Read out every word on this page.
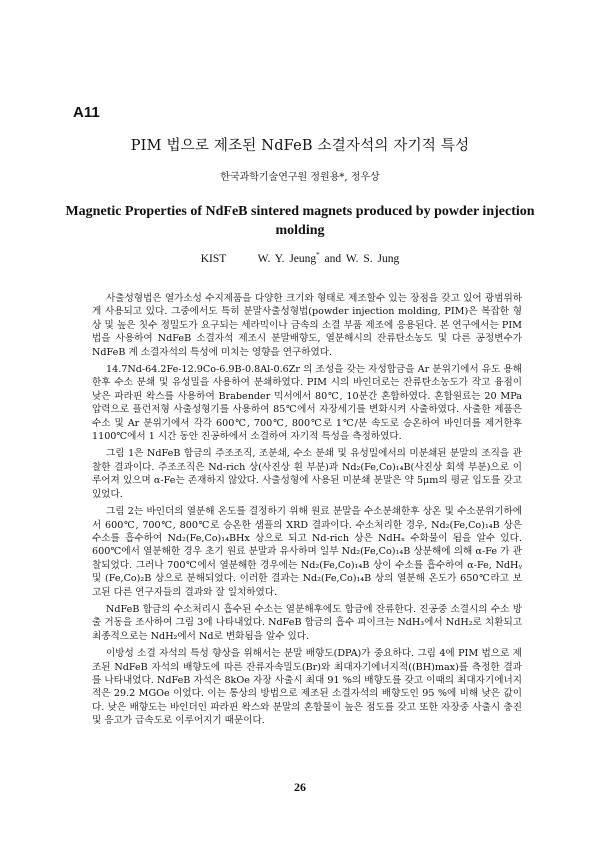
A11
PIM 법으로 제조된 NdFeB 소결자석의 자기적 특성
한국과학기술연구원 정원용*, 정우상
Magnetic Properties of NdFeB sintered magnets produced by powder injection molding
KIST	W. Y. Jeung* and W. S. Jung

사출성형법은 열가소성 수지제품을 다양한 크기와 형태로 제조할수 있는 장점을 갖고 있어 광범위하게 사용되고 있다. 그중에서도 특히 분말사출성형법(powder injection molding, PIM)은 복잡한 형상 및 높은 칫수 정밀도가 요구되는 세라믹이나 금속의 소결 부품 제조에 응용된다. 본 연구에서는 PIM 법을 사용하여 NdFeB 소결자석 제조시 분말배향도, 열분해시의 잔류탄소농도 및 다른 공정변수가 NdFeB 계 소결자석의 특성에 미치는 영향을 연구하였다.

14.7Nd-64.2Fe-12.9Co-6.9B-0.8Al-0.6Zr 의 조성을 갖는 자성합금을 Ar 분위기에서 유도 용해한후 수소 분쇄 및 유성밀을 사용하여 분쇄하였다. PIM 시의 바인더로는 잔류탄소농도가 작고 융점이 낮은 파라핀 왁스를 사용하여 Brabender 믹서에서 80℃, 10분간 혼합하였다. 혼합원료는 20 MPa 압력으로 플런저형 사출성형기를 사용하여 85℃에서 자장세기를 변화시켜 사출하였다. 사출한 제품은 수소 및 Ar 분위기에서 각각 600℃, 700℃, 800℃로 1℃/분 속도로 승온하여 바인더를 제거한후 1100℃에서 1 시간 동안 진공하에서 소결하여 자기적 특성을 측정하였다.

그림 1은 NdFeB 합금의 주조조직, 조분쇄, 수소 분쇄 및 유성밀에서의 미분쇄된 분말의 조직을 관찰한 결과이다. 주조조직은 Nd-rich 상(사진상 흰 부분)과 Nd₂(Fe,Co)₁₄B(사진상 회색 부분)으로 이루어져 있으며 α-Fe는 존재하지 않았다. 사출성형에 사용된 미분쇄 분말은 약 5μm의 평균 입도를 갖고 있었다.

그림 2는 바인더의 열분해 온도를 결정하기 위해 원료 분말을 수소분쇄한후 상온 및 수소분위기하에서 600℃, 700℃, 800℃로 승온한 샘플의 XRD 결과이다. 수소처리한 경우, Nd₂(Fe,Co)₁₄B 상은 수소를 흡수하여 Nd₂(Fe,Co)₁₄BHx 상으로 되고 Nd-rich 상은 NdHₓ 수화물이 됨을 알수 있다. 600℃에서 열분해한 경우 초기 원료 분말과 유사하며 일부 Nd₂(Fe,Co)₁₄B 상분해에 의해 α-Fe 가 관찰되었다. 그러나 700℃에서 열분해한 경우에는 Nd₂(Fe,Co)₁₄B 상이 수소를 흡수하여 α-Fe, NdHᵧ 및 (Fe,Co)₂B 상으로 분해되었다. 이러한 결과는 Nd₂(Fe,Co)₁₄B 상의 열분해 온도가 650℃라고 보고된 다른 연구자들의 결과와 잘 일치하였다.

NdFeB 합금의 수소처리시 흡수된 수소는 열분해후에도 합금에 잔류한다. 진공중 소결시의 수소 방출 거동을 조사하여 그림 3에 나타내었다. NdFeB 합금의 흡수 피이크는 NdH₃에서 NdH₂로 치환되고 최종적으로는 NdH₂에서 Nd로 변화됨을 알수 있다.

이방성 소결 자석의 특성 향상을 위해서는 분말 배향도(DPA)가 중요하다. 그림 4에 PIM 법으로 제조된 NdFeB 자석의 배향도에 따른 잔류자속밀도(Br)와 최대자기에너지적((BH)max)를 측정한 결과를 나타내었다. NdFeB 자석은 8kOe 자장 사출시 최대 91 %의 배향도를 갖고 이때의 최대자기에너지적은 29.2 MGOe 이었다. 이는 통상의 방법으로 제조된 소결자석의 배향도인 95 %에 비해 낮은 값이다. 낮은 배향도는 바인더인 파라핀 왁스와 분말의 혼합물이 높은 점도를 갖고 또한 자장중 사출시 충진 및 응고가 급속도로 이루어지기 때문이다.

26
